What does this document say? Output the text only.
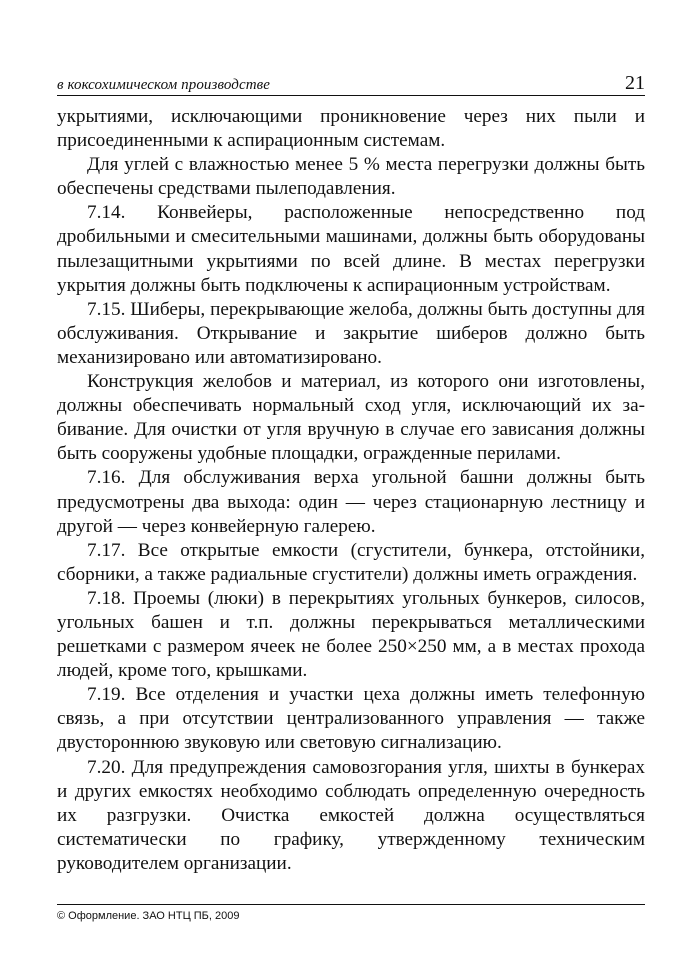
в коксохимическом производстве	21

укрытиями, исключающими проникновение через них пыли и присоединенными к аспирационным системам.

Для углей с влажностью менее 5 % места перегрузки должны быть обеспечены средствами пылеподавления.

7.14. Конвейеры, расположенные непосредственно под дробильными и смесительными машинами, должны быть оборудованы пылезащитными укрытиями по всей длине. В местах перегрузки укрытия должны быть подключены к аспирационным устройствам.

7.15. Шиберы, перекрывающие желоба, должны быть доступны для обслуживания. Открывание и закрытие шиберов должно быть механизировано или автоматизировано.

Конструкция желобов и материал, из которого они изготовлены, должны обеспечивать нормальный сход угля, исключающий их забивание. Для очистки от угля вручную в случае его зависания должны быть сооружены удобные площадки, огражденные перилами.

7.16. Для обслуживания верха угольной башни должны быть предусмотрены два выхода: один — через стационарную лестницу и другой — через конвейерную галерею.

7.17. Все открытые емкости (сгустители, бункера, отстойники, сборники, а также радиальные сгустители) должны иметь ограждения.

7.18. Проемы (люки) в перекрытиях угольных бункеров, силосов, угольных башен и т.п. должны перекрываться металлическими решетками с размером ячеек не более 250×250 мм, а в местах прохода людей, кроме того, крышками.

7.19. Все отделения и участки цеха должны иметь телефонную связь, а при отсутствии централизованного управления — также двустороннюю звуковую или световую сигнализацию.

7.20. Для предупреждения самовозгорания угля, шихты в бункерах и других емкостях необходимо соблюдать определенную очередность их разгрузки. Очистка емкостей должна осуществляться систематически по графику, утвержденному техническим руководителем организации.

© Оформление. ЗАО НТЦ ПБ, 2009
